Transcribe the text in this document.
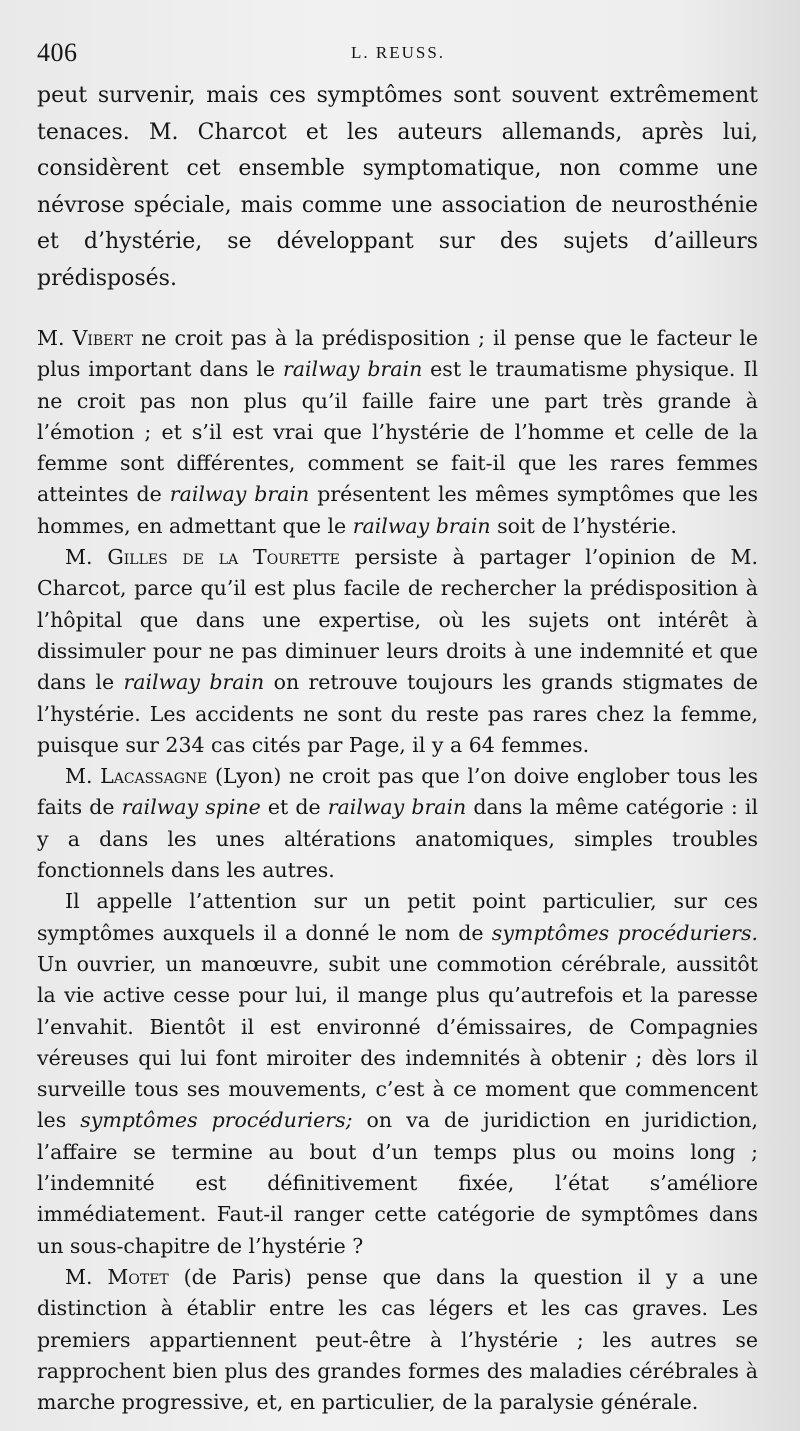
406	L. REUSS.

peut survenir, mais ces symptômes sont souvent extrêmement tenaces. M. Charcot et les auteurs allemands, après lui, considèrent cet ensemble symptomatique, non comme une névrose spéciale, mais comme une association de neurosthénie et d’hystérie, se développant sur des sujets d’ailleurs prédisposés.

M. Vibert ne croit pas à la prédisposition ; il pense que le facteur le plus important dans le railway brain est le traumatisme physique. Il ne croit pas non plus qu’il faille faire une part très grande à l’émotion ; et s’il est vrai que l’hystérie de l’homme et celle de la femme sont différentes, comment se fait-il que les rares femmes atteintes de railway brain présentent les mêmes symptômes que les hommes, en admettant que le railway brain soit de l’hystérie.

M. Gilles de la Tourette persiste à partager l’opinion de M. Charcot, parce qu’il est plus facile de rechercher la prédisposition à l’hôpital que dans une expertise, où les sujets ont intérêt à dissimuler pour ne pas diminuer leurs droits à une indemnité et que dans le railway brain on retrouve toujours les grands stigmates de l’hystérie. Les accidents ne sont du reste pas rares chez la femme, puisque sur 234 cas cités par Page, il y a 64 femmes.

M. Lacassagne (Lyon) ne croit pas que l’on doive englober tous les faits de railway spine et de railway brain dans la même catégorie : il y a dans les unes altérations anatomiques, simples troubles fonctionnels dans les autres.

Il appelle l’attention sur un petit point particulier, sur ces symptômes auxquels il a donné le nom de symptômes procéduriers. Un ouvrier, un manœuvre, subit une commotion cérébrale, aussitôt la vie active cesse pour lui, il mange plus qu’autrefois et la paresse l’envahit. Bientôt il est environné d’émissaires, de Compagnies véreuses qui lui font miroiter des indemnités à obtenir ; dès lors il surveille tous ses mouvements, c’est à ce moment que commencent les symptômes procéduriers; on va de juridiction en juridiction, l’affaire se termine au bout d’un temps plus ou moins long ; l’indemnité est définitivement fixée, l’état s’améliore immédiatement. Faut-il ranger cette catégorie de symptômes dans un sous-chapitre de l’hystérie ?

M. Motet (de Paris) pense que dans la question il y a une distinction à établir entre les cas légers et les cas graves. Les premiers appartiennent peut-être à l’hystérie ; les autres se rapprochent bien plus des grandes formes des maladies cérébrales à marche progressive, et, en particulier, de la paralysie générale.
